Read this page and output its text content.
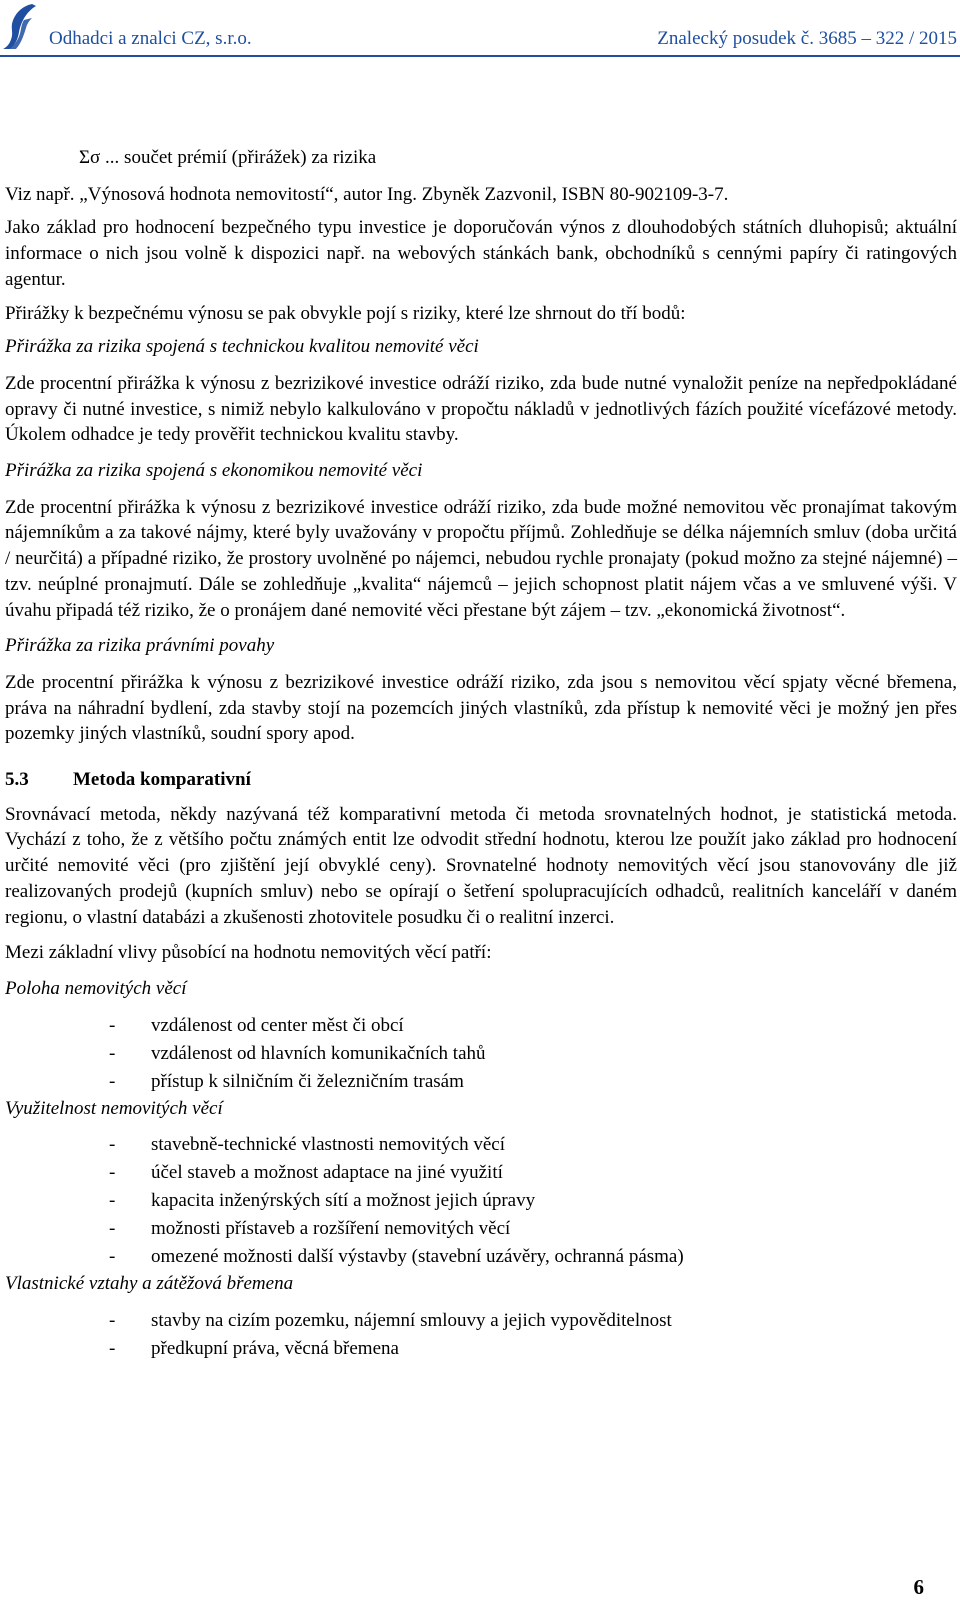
Odhadci a znalci CZ, s.r.o.	Znalecký posudek č. 3685 – 322 / 2015

Σσ ... součet prémií (přirážek) za rizika

Viz např. „Výnosová hodnota nemovitostí“, autor Ing. Zbyněk Zazvonil, ISBN 80-902109-3-7.

Jako základ pro hodnocení bezpečného typu investice je doporučován výnos z dlouhodobých státních dluhopisů; aktuální informace o nich jsou volně k dispozici např. na webových stánkách bank, obchodníků s cennými papíry či ratingových agentur.

Přirážky k bezpečnému výnosu se pak obvykle pojí s riziky, které lze shrnout do tří bodů:

Přirážka za rizika spojená s technickou kvalitou nemovité věci

Zde procentní přirážka k výnosu z bezrizikové investice odráží riziko, zda bude nutné vynaložit peníze na nepředpokládané opravy či nutné investice, s nimiž nebylo kalkulováno v propočtu nákladů v jednotlivých fázích použité vícefázové metody. Úkolem odhadce je tedy prověřit technickou kvalitu stavby.

Přirážka za rizika spojená s ekonomikou nemovité věci

Zde procentní přirážka k výnosu z bezrizikové investice odráží riziko, zda bude možné nemovitou věc pronajímat takovým nájemníkům a za takové nájmy, které byly uvažovány v propočtu příjmů. Zohledňuje se délka nájemních smluv (doba určitá / neurčitá) a případné riziko, že prostory uvolněné po nájemci, nebudou rychle pronajaty (pokud možno za stejné nájemné) – tzv. neúplné pronajmutí. Dále se zohledňuje „kvalita“ nájemců – jejich schopnost platit nájem včas a ve smluvené výši. V úvahu připadá též riziko, že o pronájem dané nemovité věci přestane být zájem – tzv. „ekonomická životnost“.

Přirážka za rizika právními povahy

Zde procentní přirážka k výnosu z bezrizikové investice odráží riziko, zda jsou s nemovitou věcí spjaty věcné břemena, práva na náhradní bydlení, zda stavby stojí na pozemcích jiných vlastníků, zda přístup k nemovité věci je možný jen přes pozemky jiných vlastníků, soudní spory apod.

5.3 Metoda komparativní

Srovnávací metoda, někdy nazývaná též komparativní metoda či metoda srovnatelných hodnot, je statistická metoda. Vychází z toho, že z většího počtu známých entit lze odvodit střední hodnotu, kterou lze použít jako základ pro hodnocení určité nemovité věci (pro zjištění její obvyklé ceny). Srovnatelné hodnoty nemovitých věcí jsou stanovovány dle již realizovaných prodejů (kupních smluv) nebo se opírají o šetření spolupracujících odhadců, realitních kanceláří v daném regionu, o vlastní databázi a zkušenosti zhotovitele posudku či o realitní inzerci.

Mezi základní vlivy působící na hodnotu nemovitých věcí patří:

Poloha nemovitých věcí

- vzdálenost od center měst či obcí
- vzdálenost od hlavních komunikačních tahů
- přístup k silničním či železničním trasám

Využitelnost nemovitých věcí

- stavebně-technické vlastnosti nemovitých věcí
- účel staveb a možnost adaptace na jiné využití
- kapacita inženýrských sítí a možnost jejich úpravy
- možnosti přístaveb a rozšíření nemovitých věcí
- omezené možnosti další výstavby (stavební uzávěry, ochranná pásma)

Vlastnické vztahy a zátěžová břemena

- stavby na cizím pozemku, nájemní smlouvy a jejich vypověditelnost
- předkupní práva, věcná břemena
6
